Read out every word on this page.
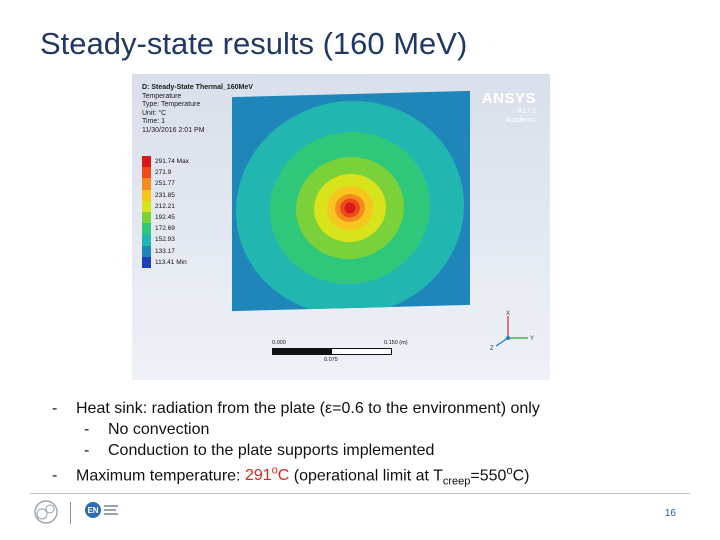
Steady-state results (160 MeV)
D: Steady-State Thermal_160MeV
Temperature
Type: Temperature
Unit: °C
Time: 1
11/30/2016 2:01 PM
291.74 Max
271.9
251.77
231.85
212.21
192.45
172.69
152.93
133.17
113.41 Min
ANSYS
R17.1
Academic
0.000	0.150 (m)
0.075
X
Y
Z
- Heat sink: radiation from the plate (ε=0.6 to the environment) only
- No convection
- Conduction to the plate supports implemented
- Maximum temperature: 291$^o$C (operational limit at $T_{creep}=550^oC$)
EN	16
